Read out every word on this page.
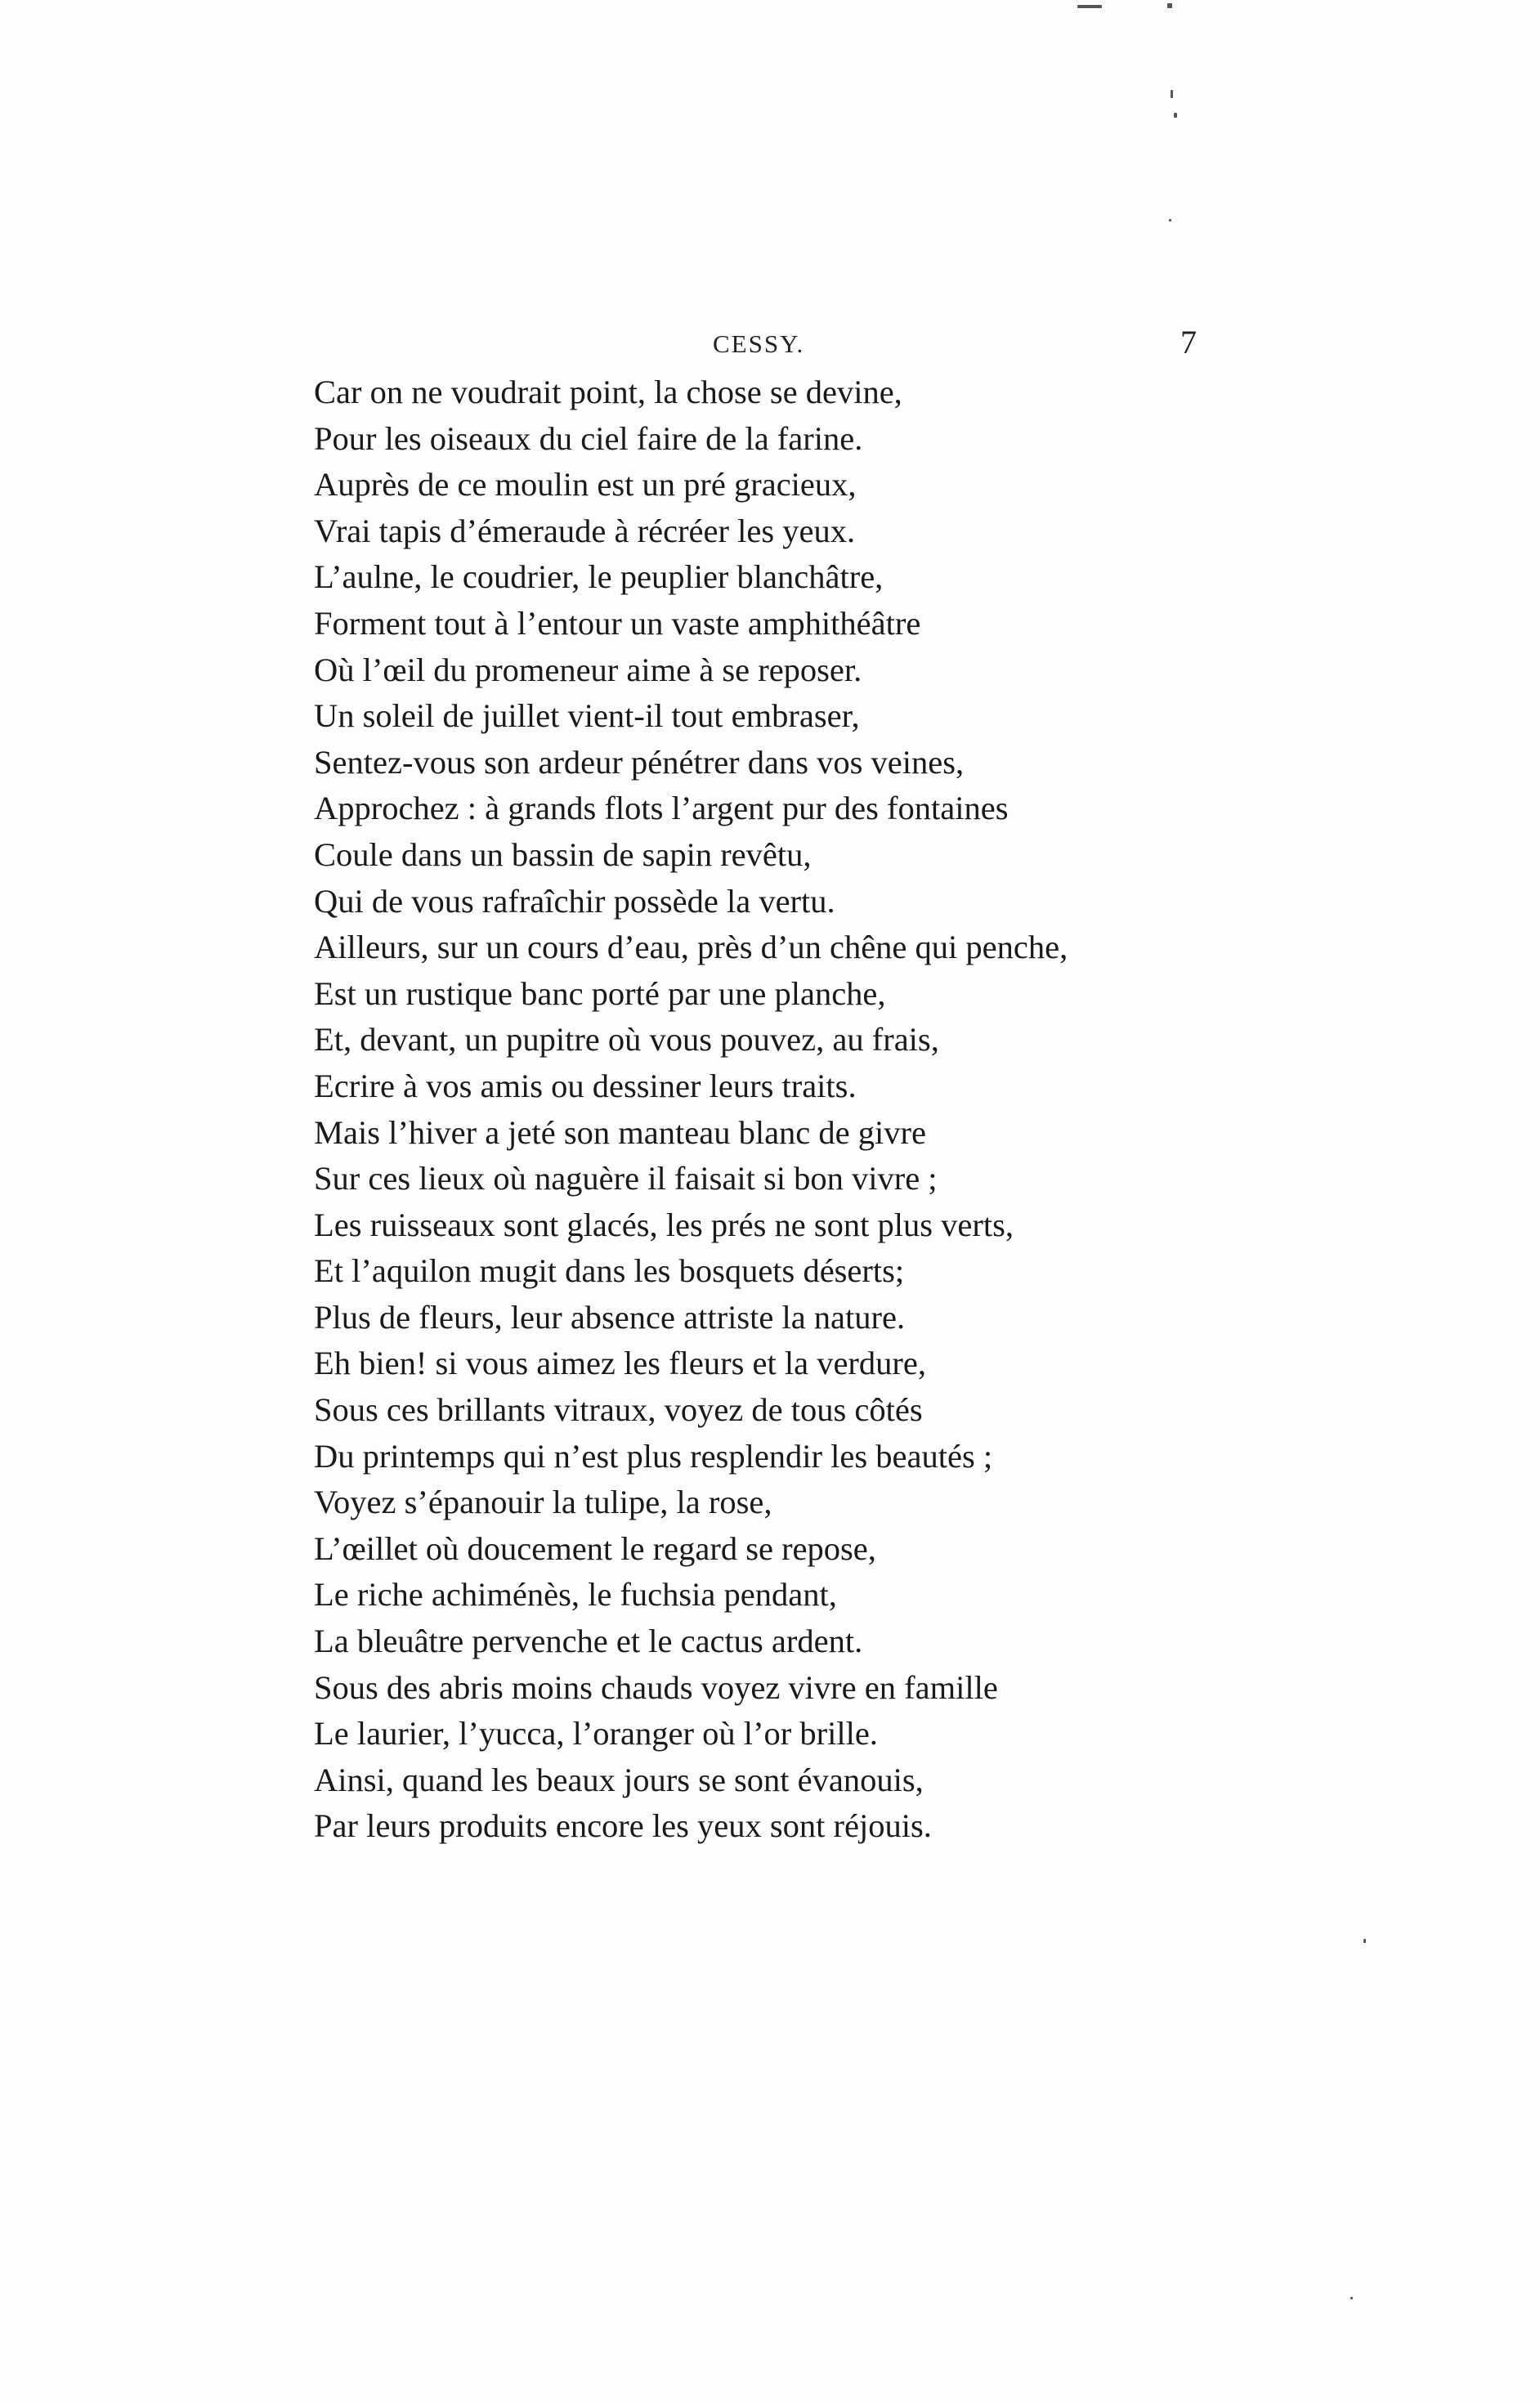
CESSY.	7
Car on ne voudrait point, la chose se devine,
Pour les oiseaux du ciel faire de la farine.
Auprès de ce moulin est un pré gracieux,
Vrai tapis d’émeraude à récréer les yeux.
L’aulne, le coudrier, le peuplier blanchâtre,
Forment tout à l’entour un vaste amphithéâtre
Où l’œil du promeneur aime à se reposer.
Un soleil de juillet vient-il tout embraser,
Sentez-vous son ardeur pénétrer dans vos veines,
Approchez : à grands flots l’argent pur des fontaines
Coule dans un bassin de sapin revêtu,
Qui de vous rafraîchir possède la vertu.
Ailleurs, sur un cours d’eau, près d’un chêne qui penche,
Est un rustique banc porté par une planche,
Et, devant, un pupitre où vous pouvez, au frais,
Ecrire à vos amis ou dessiner leurs traits.
Mais l’hiver a jeté son manteau blanc de givre
Sur ces lieux où naguère il faisait si bon vivre ;
Les ruisseaux sont glacés, les prés ne sont plus verts,
Et l’aquilon mugit dans les bosquets déserts;
Plus de fleurs, leur absence attriste la nature.
Eh bien! si vous aimez les fleurs et la verdure,
Sous ces brillants vitraux, voyez de tous côtés
Du printemps qui n’est plus resplendir les beautés ;
Voyez s’épanouir la tulipe, la rose,
L’œillet où doucement le regard se repose,
Le riche achiménès, le fuchsia pendant,
La bleuâtre pervenche et le cactus ardent.
Sous des abris moins chauds voyez vivre en famille
Le laurier, l’yucca, l’oranger où l’or brille.
Ainsi, quand les beaux jours se sont évanouis,
Par leurs produits encore les yeux sont réjouis.
